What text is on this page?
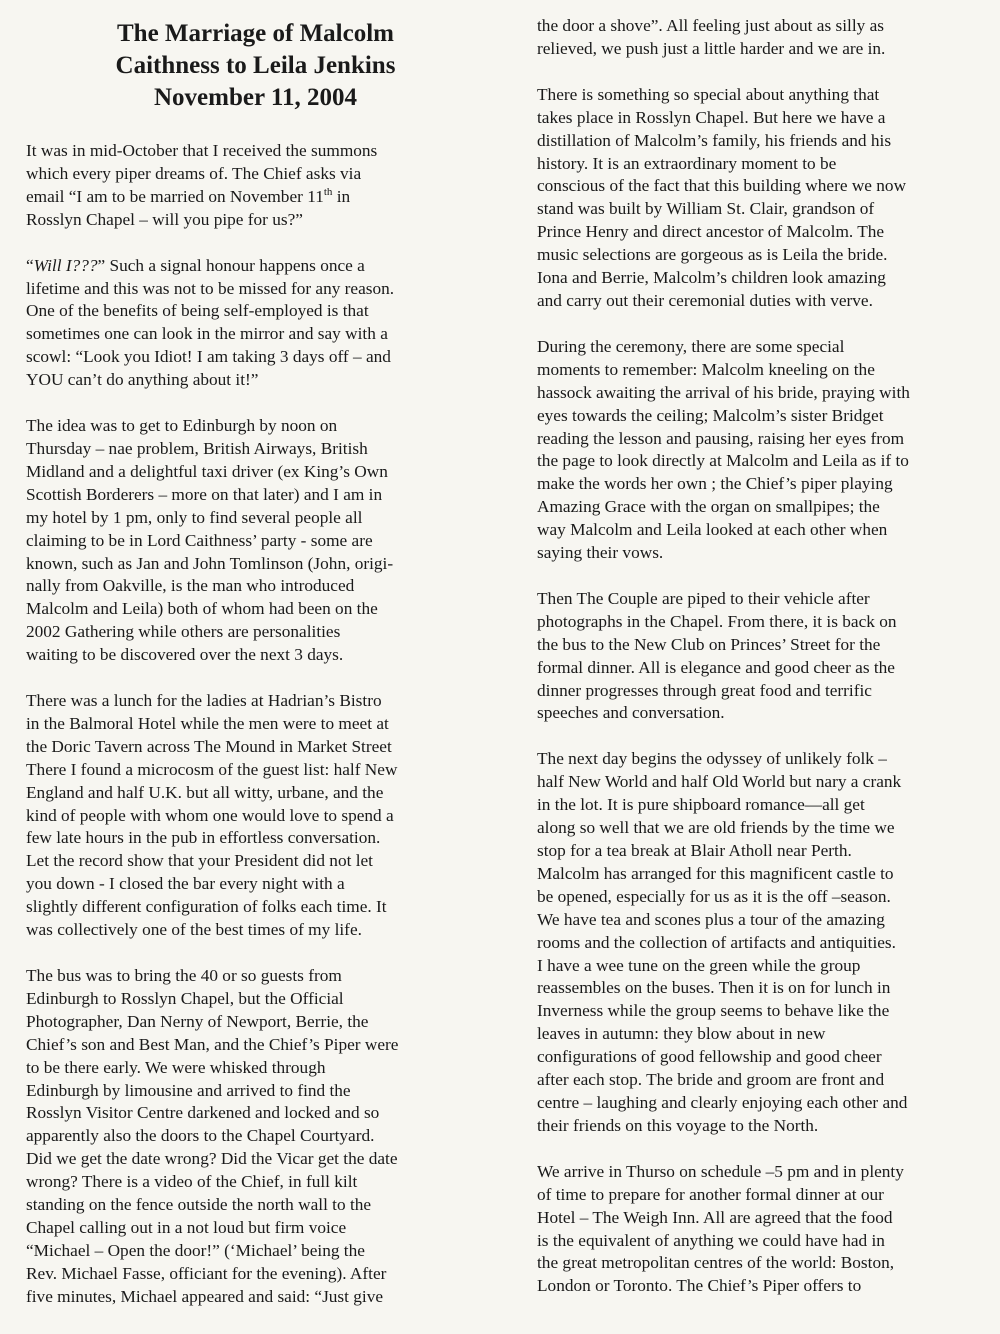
The Marriage of Malcolm
Caithness to Leila Jenkins
November 11, 2004

It was in mid-October that I received the summons
which every piper dreams of. The Chief asks via
email “I am to be married on November 11th in
Rosslyn Chapel – will you pipe for us?”

“Will I???” Such a signal honour happens once a
lifetime and this was not to be missed for any reason.
One of the benefits of being self-employed is that
sometimes one can look in the mirror and say with a
scowl: “Look you Idiot! I am taking 3 days off – and
YOU can’t do anything about it!”

The idea was to get to Edinburgh by noon on
Thursday – nae problem, British Airways, British
Midland and a delightful taxi driver (ex King’s Own
Scottish Borderers – more on that later) and I am in
my hotel by 1 pm, only to find several people all
claiming to be in Lord Caithness’ party - some are
known, such as Jan and John Tomlinson (John, origi-
nally from Oakville, is the man who introduced
Malcolm and Leila) both of whom had been on the
2002 Gathering while others are personalities
waiting to be discovered over the next 3 days.

There was a lunch for the ladies at Hadrian’s Bistro
in the Balmoral Hotel while the men were to meet at
the Doric Tavern across The Mound in Market Street
There I found a microcosm of the guest list: half New
England and half U.K. but all witty, urbane, and the
kind of people with whom one would love to spend a
few late hours in the pub in effortless conversation.
Let the record show that your President did not let
you down - I closed the bar every night with a
slightly different configuration of folks each time. It
was collectively one of the best times of my life.

The bus was to bring the 40 or so guests from
Edinburgh to Rosslyn Chapel, but the Official
Photographer, Dan Nerny of Newport, Berrie, the
Chief’s son and Best Man, and the Chief’s Piper were
to be there early. We were whisked through
Edinburgh by limousine and arrived to find the
Rosslyn Visitor Centre darkened and locked and so
apparently also the doors to the Chapel Courtyard.
Did we get the date wrong? Did the Vicar get the date
wrong? There is a video of the Chief, in full kilt
standing on the fence outside the north wall to the
Chapel calling out in a not loud but firm voice
“Michael – Open the door!” (‘Michael’ being the
Rev. Michael Fasse, officiant for the evening). After
five minutes, Michael appeared and said: “Just give

the door a shove”. All feeling just about as silly as
relieved, we push just a little harder and we are in.

There is something so special about anything that
takes place in Rosslyn Chapel. But here we have a
distillation of Malcolm’s family, his friends and his
history. It is an extraordinary moment to be
conscious of the fact that this building where we now
stand was built by William St. Clair, grandson of
Prince Henry and direct ancestor of Malcolm. The
music selections are gorgeous as is Leila the bride.
Iona and Berrie, Malcolm’s children look amazing
and carry out their ceremonial duties with verve.

During the ceremony, there are some special
moments to remember: Malcolm kneeling on the
hassock awaiting the arrival of his bride, praying with
eyes towards the ceiling; Malcolm’s sister Bridget
reading the lesson and pausing, raising her eyes from
the page to look directly at Malcolm and Leila as if to
make the words her own ; the Chief’s piper playing
Amazing Grace with the organ on smallpipes; the
way Malcolm and Leila looked at each other when
saying their vows.

Then The Couple are piped to their vehicle after
photographs in the Chapel. From there, it is back on
the bus to the New Club on Princes’ Street for the
formal dinner. All is elegance and good cheer as the
dinner progresses through great food and terrific
speeches and conversation.

The next day begins the odyssey of unlikely folk –
half New World and half Old World but nary a crank
in the lot. It is pure shipboard romance—all get
along so well that we are old friends by the time we
stop for a tea break at Blair Atholl near Perth.
Malcolm has arranged for this magnificent castle to
be opened, especially for us as it is the off –season.
We have tea and scones plus a tour of the amazing
rooms and the collection of artifacts and antiquities.
I have a wee tune on the green while the group
reassembles on the buses. Then it is on for lunch in
Inverness while the group seems to behave like the
leaves in autumn: they blow about in new
configurations of good fellowship and good cheer
after each stop. The bride and groom are front and
centre – laughing and clearly enjoying each other and
their friends on this voyage to the North.

We arrive in Thurso on schedule –5 pm and in plenty
of time to prepare for another formal dinner at our
Hotel – The Weigh Inn. All are agreed that the food
is the equivalent of anything we could have had in
the great metropolitan centres of the world: Boston,
London or Toronto. The Chief’s Piper offers to
